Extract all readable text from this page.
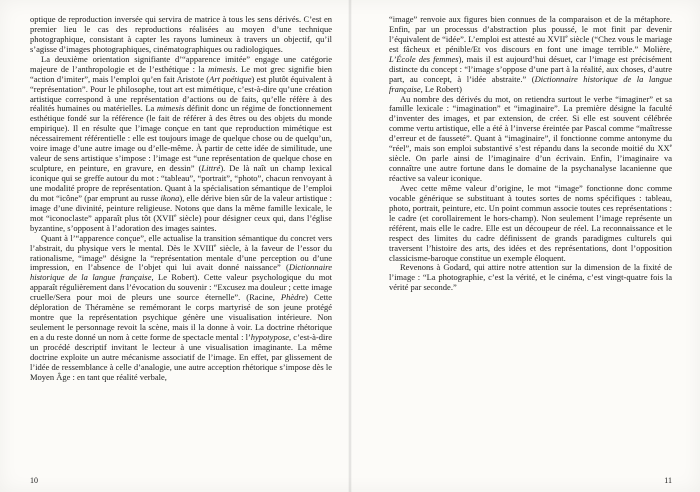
optique de reproduction inversée qui servira de matrice à tous les sens dérivés. C’est en premier lieu le cas des reproductions réalisées au moyen d’une technique photographique, consistant à capter les rayons lumineux à travers un objectif, qu’il s’agisse d’images photographiques, cinématographiques ou radiologiques.

La deuxième orientation signifiante d’“apparence imitée” engage une catégorie majeure de l’anthropologie et de l’esthétique : la mimesis. Le mot grec signifie bien “action d’imiter”, mais l’emploi qu’en fait Aristote (Art poétique) est plutôt équivalent à “représentation”. Pour le philosophe, tout art est mimétique, c’est-à-dire qu’une création artistique correspond à une représentation d’actions ou de faits, qu’elle réfère à des réalités humaines ou matérielles. La mimesis définit donc un régime de fonctionnement esthétique fondé sur la référence (le fait de référer à des êtres ou des objets du monde empirique). Il en résulte que l’image conçue en tant que reproduction mimétique est nécessairement référentielle : elle est toujours image de quelque chose ou de quelqu’un, voire image d’une autre image ou d’elle-même. À partir de cette idée de similitude, une valeur de sens artistique s’impose : l’image est “une représentation de quelque chose en sculpture, en peinture, en gravure, en dessin” (Littré). De là naît un champ lexical iconique qui se greffe autour du mot : “tableau”, “portrait”, “photo”, chacun renvoyant à une modalité propre de représentation. Quant à la spécialisation sémantique de l’emploi du mot “icône” (par emprunt au russe ikona), elle dérive bien sûr de la valeur artistique : image d’une divinité, peinture religieuse. Notons que dans la même famille lexicale, le mot “iconoclaste” apparaît plus tôt (XVIIe siècle) pour désigner ceux qui, dans l’église byzantine, s’opposent à l’adoration des images saintes.

Quant à l’“apparence conçue”, elle actualise la transition sémantique du concret vers l’abstrait, du physique vers le mental. Dès le XVIIIe siècle, à la faveur de l’essor du rationalisme, “image” désigne la “représentation mentale d’une perception ou d’une impression, en l’absence de l’objet qui lui avait donné naissance” (Dictionnaire historique de la langue française, Le Robert). Cette valeur psychologique du mot apparaît régulièrement dans l’évocation du souvenir : “Excusez ma douleur ; cette image cruelle/Sera pour moi de pleurs une source éternelle”. (Racine, Phèdre) Cette déploration de Théramène se remémorant le corps martyrisé de son jeune protégé montre que la représentation psychique génère une visualisation intérieure. Non seulement le personnage revoit la scène, mais il la donne à voir. La doctrine rhétorique en a du reste donné un nom à cette forme de spectacle mental : l’hypotypose, c’est-à-dire un procédé descriptif invitant le lecteur à une visualisation imaginante. La même doctrine exploite un autre mécanisme associatif de l’image. En effet, par glissement de l’idée de ressemblance à celle d’analogie, une autre acception rhétorique s’impose dès le Moyen Âge : en tant que réalité verbale,

10

“image” renvoie aux figures bien connues de la comparaison et de la métaphore. Enfin, par un processus d’abstraction plus poussé, le mot finit par devenir l’équivalent de “idée”. L’emploi est attesté au XVIIe siècle (“Chez vous le mariage est fâcheux et pénible/Et vos discours en font une image terrible.” Molière, L’École des femmes), mais il est aujourd’hui désuet, car l’image est précisément distincte du concept : “l’image s’oppose d’une part à la réalité, aux choses, d’autre part, au concept, à l’idée abstraite.” (Dictionnaire historique de la langue française, Le Robert)

Au nombre des dérivés du mot, on retiendra surtout le verbe “imaginer” et sa famille lexicale : “imagination” et “imaginaire”. La première désigne la faculté d’inventer des images, et par extension, de créer. Si elle est souvent célébrée comme vertu artistique, elle a été à l’inverse éreintée par Pascal comme “maîtresse d’erreur et de fausseté”. Quant à “imaginaire”, il fonctionne comme antonyme du “réel”, mais son emploi substantivé s’est répandu dans la seconde moitié du XXe siècle. On parle ainsi de l’imaginaire d’un écrivain. Enfin, l’imaginaire va connaître une autre fortune dans le domaine de la psychanalyse lacanienne que réactive sa valeur iconique.

Avec cette même valeur d’origine, le mot “image” fonctionne donc comme vocable générique se substituant à toutes sortes de noms spécifiques : tableau, photo, portrait, peinture, etc. Un point commun associe toutes ces représentations : le cadre (et corollairement le hors-champ). Non seulement l’image représente un référent, mais elle le cadre. Elle est un découpeur de réel. La reconnaissance et le respect des limites du cadre définissent de grands paradigmes culturels qui traversent l’histoire des arts, des idées et des représentations, dont l’opposition classicisme-baroque constitue un exemple éloquent.

Revenons à Godard, qui attire notre attention sur la dimension de la fixité de l’image : “La photographie, c’est la vérité, et le cinéma, c’est vingt-quatre fois la vérité par seconde.”

11
